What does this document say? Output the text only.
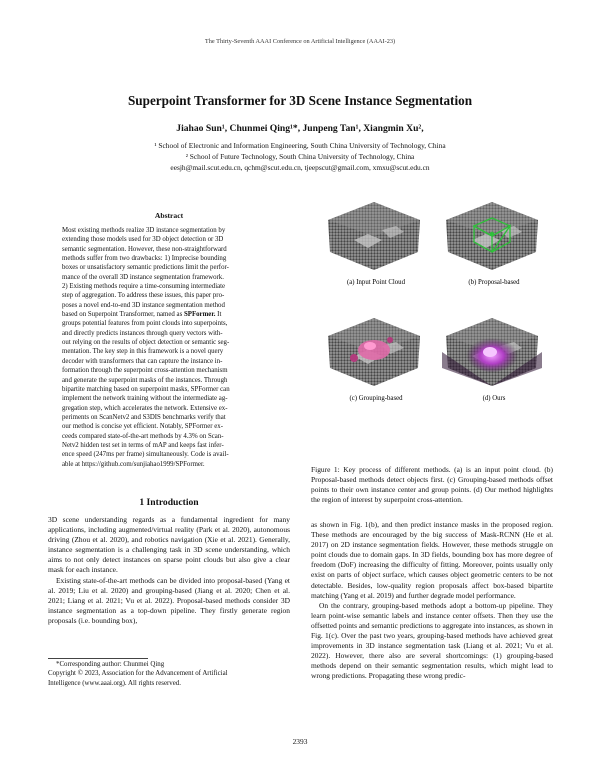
The Thirty-Seventh AAAI Conference on Artificial Intelligence (AAAI-23)
Superpoint Transformer for 3D Scene Instance Segmentation
Jiahao Sun¹, Chunmei Qing¹*, Junpeng Tan¹, Xiangmin Xu²,
¹ School of Electronic and Information Engineering, South China University of Technology, China
² School of Future Technology, South China University of Technology, China
eesjh@mail.scut.edu.cn, qchm@scut.edu.cn, tjeepscut@gmail.com, xmxu@scut.edu.cn
Abstract
Most existing methods realize 3D instance segmentation by
extending those models used for 3D object detection or 3D
semantic segmentation. However, these non-straightforward
methods suffer from two drawbacks: 1) Imprecise bounding
boxes or unsatisfactory semantic predictions limit the perfor-
mance of the overall 3D instance segmentation framework.
2) Existing methods require a time-consuming intermediate
step of aggregation. To address these issues, this paper pro-
poses a novel end-to-end 3D instance segmentation method
based on Superpoint Transformer, named as SPFormer. It
groups potential features from point clouds into superpoints,
and directly predicts instances through query vectors with-
out relying on the results of object detection or semantic seg-
mentation. The key step in this framework is a novel query
decoder with transformers that can capture the instance in-
formation through the superpoint cross-attention mechanism
and generate the superpoint masks of the instances. Through
bipartite matching based on superpoint masks, SPFormer can
implement the network training without the intermediate ag-
gregation step, which accelerates the network. Extensive ex-
periments on ScanNetv2 and S3DIS benchmarks verify that
our method is concise yet efficient. Notably, SPFormer ex-
ceeds compared state-of-the-art methods by 4.3% on Scan-
Netv2 hidden test set in terms of mAP and keeps fast infer-
ence speed (247ms per frame) simultaneously. Code is avail-
able at https://github.com/sunjiahao1999/SPFormer.
1 Introduction

3D scene understanding regards as a fundamental ingredient for many applications, including augmented/virtual reality (Park et al. 2020), autonomous driving (Zhou et al. 2020), and robotics navigation (Xie et al. 2021). Generally, instance segmentation is a challenging task in 3D scene understanding, which aims to not only detect instances on sparse point clouds but also give a clear mask for each instance.

Existing state-of-the-art methods can be divided into proposal-based (Yang et al. 2019; Liu et al. 2020) and grouping-based (Jiang et al. 2020; Chen et al. 2021; Liang et al. 2021; Vu et al. 2022). Proposal-based methods consider 3D instance segmentation as a top-down pipeline. They firstly generate region proposals (i.e. bounding box),

*Corresponding author: Chunmei Qing
Copyright © 2023, Association for the Advancement of Artificial
Intelligence (www.aaai.org). All rights reserved.
(a) Input Point Cloud	(b) Proposal-based
(c) Grouping-based	(d) Ours
Figure 1: Key process of different methods. (a) is an input point cloud. (b) Proposal-based methods detect objects first. (c) Grouping-based methods offset points to their own instance center and group points. (d) Our method highlights the region of interest by superpoint cross-attention.

as shown in Fig. 1(b), and then predict instance masks in the proposed region. These methods are encouraged by the big success of Mask-RCNN (He et al. 2017) on 2D instance segmentation fields. However, these methods struggle on point clouds due to domain gaps. In 3D fields, bounding box has more degree of freedom (DoF) increasing the difficulty of fitting. Moreover, points usually only exist on parts of object surface, which causes object geometric centers to be not detectable. Besides, low-quality region proposals affect box-based bipartite matching (Yang et al. 2019) and further degrade model performance.

On the contrary, grouping-based methods adopt a bottom-up pipeline. They learn point-wise semantic labels and instance center offsets. Then they use the offsetted points and semantic predictions to aggregate into instances, as shown in Fig. 1(c). Over the past two years, grouping-based methods have achieved great improvements in 3D instance segmentation task (Liang et al. 2021; Vu et al. 2022). However, there also are several shortcomings: (1) grouping-based methods depend on their semantic segmentation results, which might lead to wrong predictions. Propagating these wrong predic-

2393
